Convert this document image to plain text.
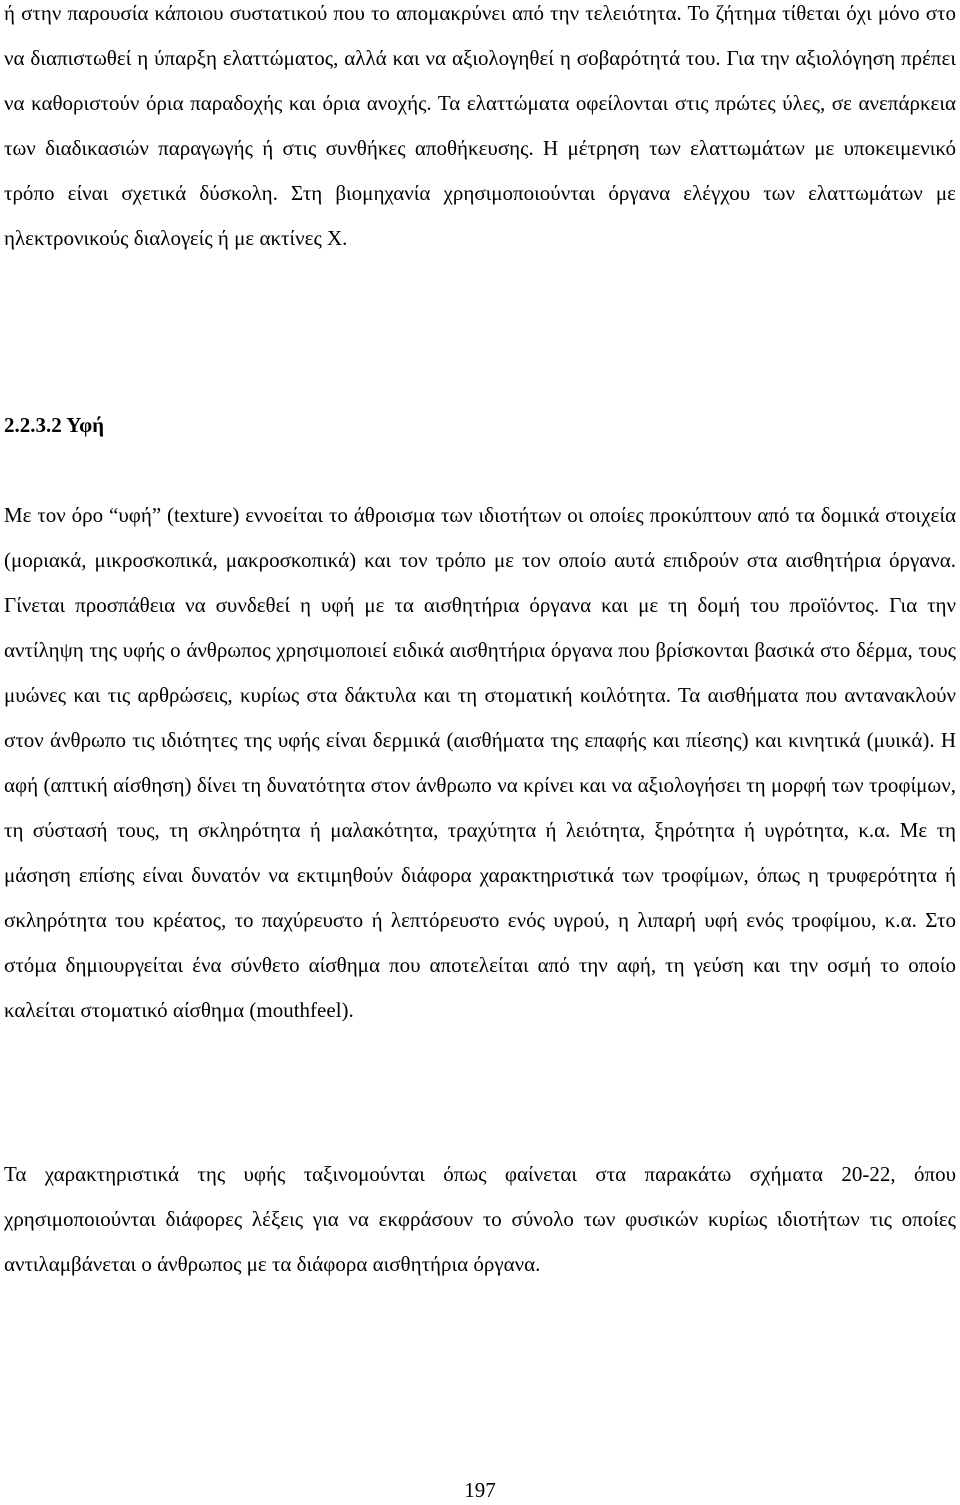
ή στην παρουσία κάποιου συστατικού που το απομακρύνει από την τελειότητα. Το ζήτημα τίθεται όχι μόνο στο να διαπιστωθεί η ύπαρξη ελαττώματος, αλλά και να αξιολογηθεί η σοβαρότητά του. Για την αξιολόγηση πρέπει να καθοριστούν όρια παραδοχής και όρια ανοχής. Τα ελαττώματα οφείλονται στις πρώτες ύλες, σε ανεπάρκεια των διαδικασιών παραγωγής ή στις συνθήκες αποθήκευσης. Η μέτρηση των ελαττωμάτων με υποκειμενικό τρόπο είναι σχετικά δύσκολη. Στη βιομηχανία χρησιμοποιούνται όργανα ελέγχου των ελαττωμάτων με ηλεκτρονικούς διαλογείς ή με ακτίνες Χ.

2.2.3.2 Υφή

Με τον όρο “υφή” (texture) εννοείται το άθροισμα των ιδιοτήτων οι οποίες προκύπτουν από τα δομικά στοιχεία (μοριακά, μικροσκοπικά, μακροσκοπικά) και τον τρόπο με τον οποίο αυτά επιδρούν στα αισθητήρια όργανα. Γίνεται προσπάθεια να συνδεθεί η υφή με τα αισθητήρια όργανα και με τη δομή του προϊόντος. Για την αντίληψη της υφής ο άνθρωπος χρησιμοποιεί ειδικά αισθητήρια όργανα που βρίσκονται βασικά στο δέρμα, τους μυώνες και τις αρθρώσεις, κυρίως στα δάκτυλα και τη στοματική κοιλότητα. Τα αισθήματα που αντανακλούν στον άνθρωπο τις ιδιότητες της υφής είναι δερμικά (αισθήματα της επαφής και πίεσης) και κινητικά (μυικά). Η αφή (απτική αίσθηση) δίνει τη δυνατότητα στον άνθρωπο να κρίνει και να αξιολογήσει τη μορφή των τροφίμων, τη σύστασή τους, τη σκληρότητα ή μαλακότητα, τραχύτητα ή λειότητα, ξηρότητα ή υγρότητα, κ.α. Με τη μάσηση επίσης είναι δυνατόν να εκτιμηθούν διάφορα χαρακτηριστικά των τροφίμων, όπως η τρυφερότητα ή σκληρότητα του κρέατος, το παχύρευστο ή λεπτόρευστο ενός υγρού, η λιπαρή υφή ενός τροφίμου, κ.α. Στο στόμα δημιουργείται ένα σύνθετο αίσθημα που αποτελείται από την αφή, τη γεύση και την οσμή το οποίο καλείται στοματικό αίσθημα (mouthfeel).

Τα χαρακτηριστικά της υφής ταξινομούνται όπως φαίνεται στα παρακάτω σχήματα 20-22, όπου χρησιμοποιούνται διάφορες λέξεις για να εκφράσουν το σύνολο των φυσικών κυρίως ιδιοτήτων τις οποίες αντιλαμβάνεται ο άνθρωπος με τα διάφορα αισθητήρια όργανα.

197
